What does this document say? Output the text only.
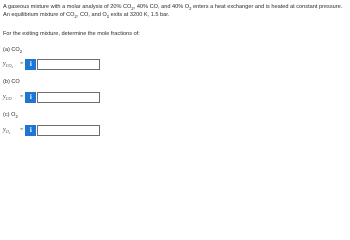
A gaseous mixture with a molar analysis of 20% $CO_2$, 40% CO, and 40% $O_2$ enters a heat exchanger and is heated at constant pressure.
An equilibrium mixture of $CO_2$, CO, and $O_2$ exits at 3200 K, 1.5 bar.

For the exiting mixture, determine the mole fractions of:
(a) $CO_2$
$y_{CO_2}$	= i
(b) CO
$y_{CO}$	= i
(c) $O_2$
$y_{O_2}$	= i
